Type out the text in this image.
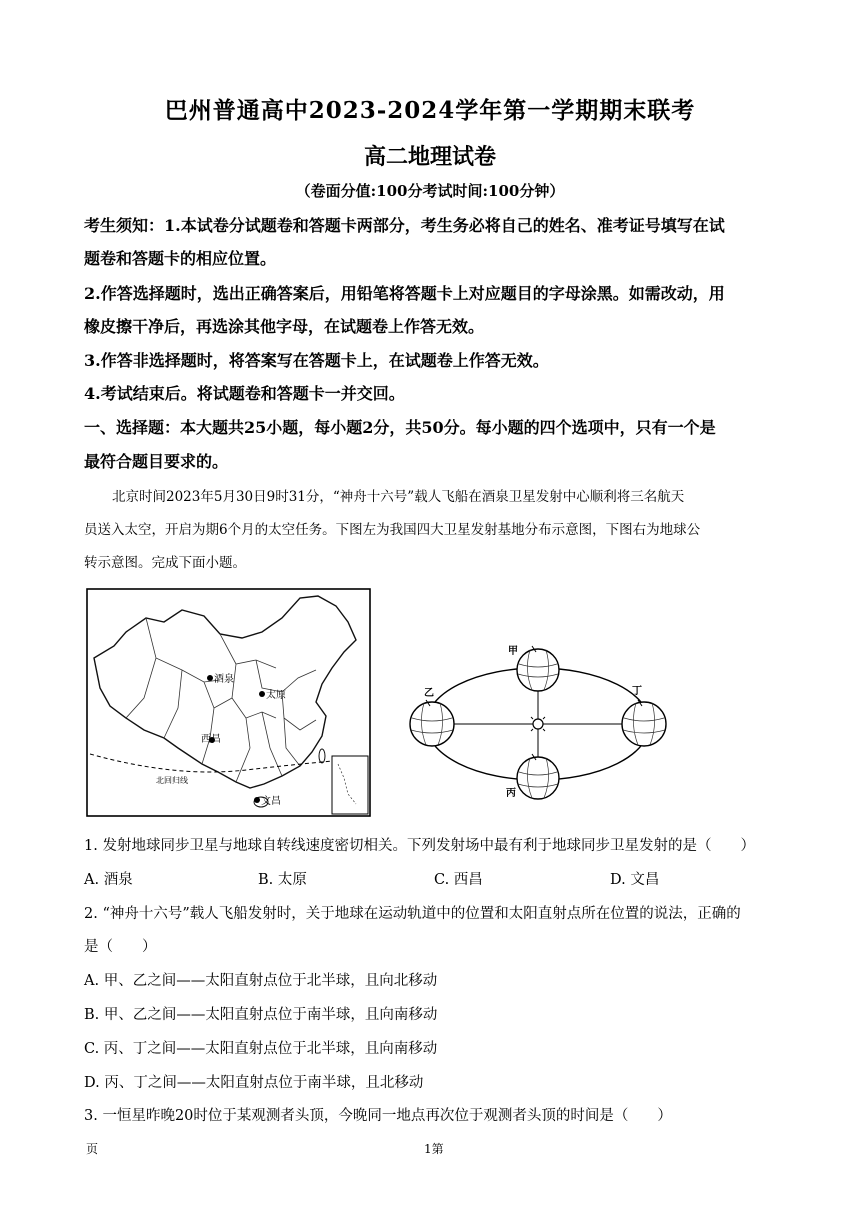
巴州普通高中2023-2024学年第一学期期末联考
高二地理试卷
（卷面分值:100分考试时间:100分钟）
考生须知：1.本试卷分试题卷和答题卡两部分，考生务必将自己的姓名、准考证号填写在试
题卷和答题卡的相应位置。
2.作答选择题时，选出正确答案后，用铅笔将答题卡上对应题目的字母涂黑。如需改动，用
橡皮擦干净后，再选涂其他字母，在试题卷上作答无效。
3.作答非选择题时，将答案写在答题卡上，在试题卷上作答无效。
4.考试结束后。将试题卷和答题卡一并交回。
一、选择题：本大题共25小题，每小题2分，共50分。每小题的四个选项中，只有一个是
最符合题目要求的。
北京时间2023年5月30日9时31分，“神舟十六号”载人飞船在酒泉卫星发射中心顺利将三名航天
员送入太空，开启为期6个月的太空任务。下图左为我国四大卫星发射基地分布示意图，下图右为地球公
转示意图。完成下面小题。
酒泉
太原
西昌
文昌
北回归线
甲
乙
丙
丁
1. 发射地球同步卫星与地球自转线速度密切相关。下列发射场中最有利于地球同步卫星发射的是（　　）
A. 酒泉	B. 太原	C. 西昌	D. 文昌
2. “神舟十六号”载人飞船发射时，关于地球在运动轨道中的位置和太阳直射点所在位置的说法，正确的
是（　　）
A. 甲、乙之间——太阳直射点位于北半球，且向北移动
B. 甲、乙之间——太阳直射点位于南半球，且向南移动
C. 丙、丁之间——太阳直射点位于北半球，且向南移动
D. 丙、丁之间——太阳直射点位于南半球，且北移动
3. 一恒星昨晚20时位于某观测者头顶，今晚同一地点再次位于观测者头顶的时间是（　　）
页	1第
